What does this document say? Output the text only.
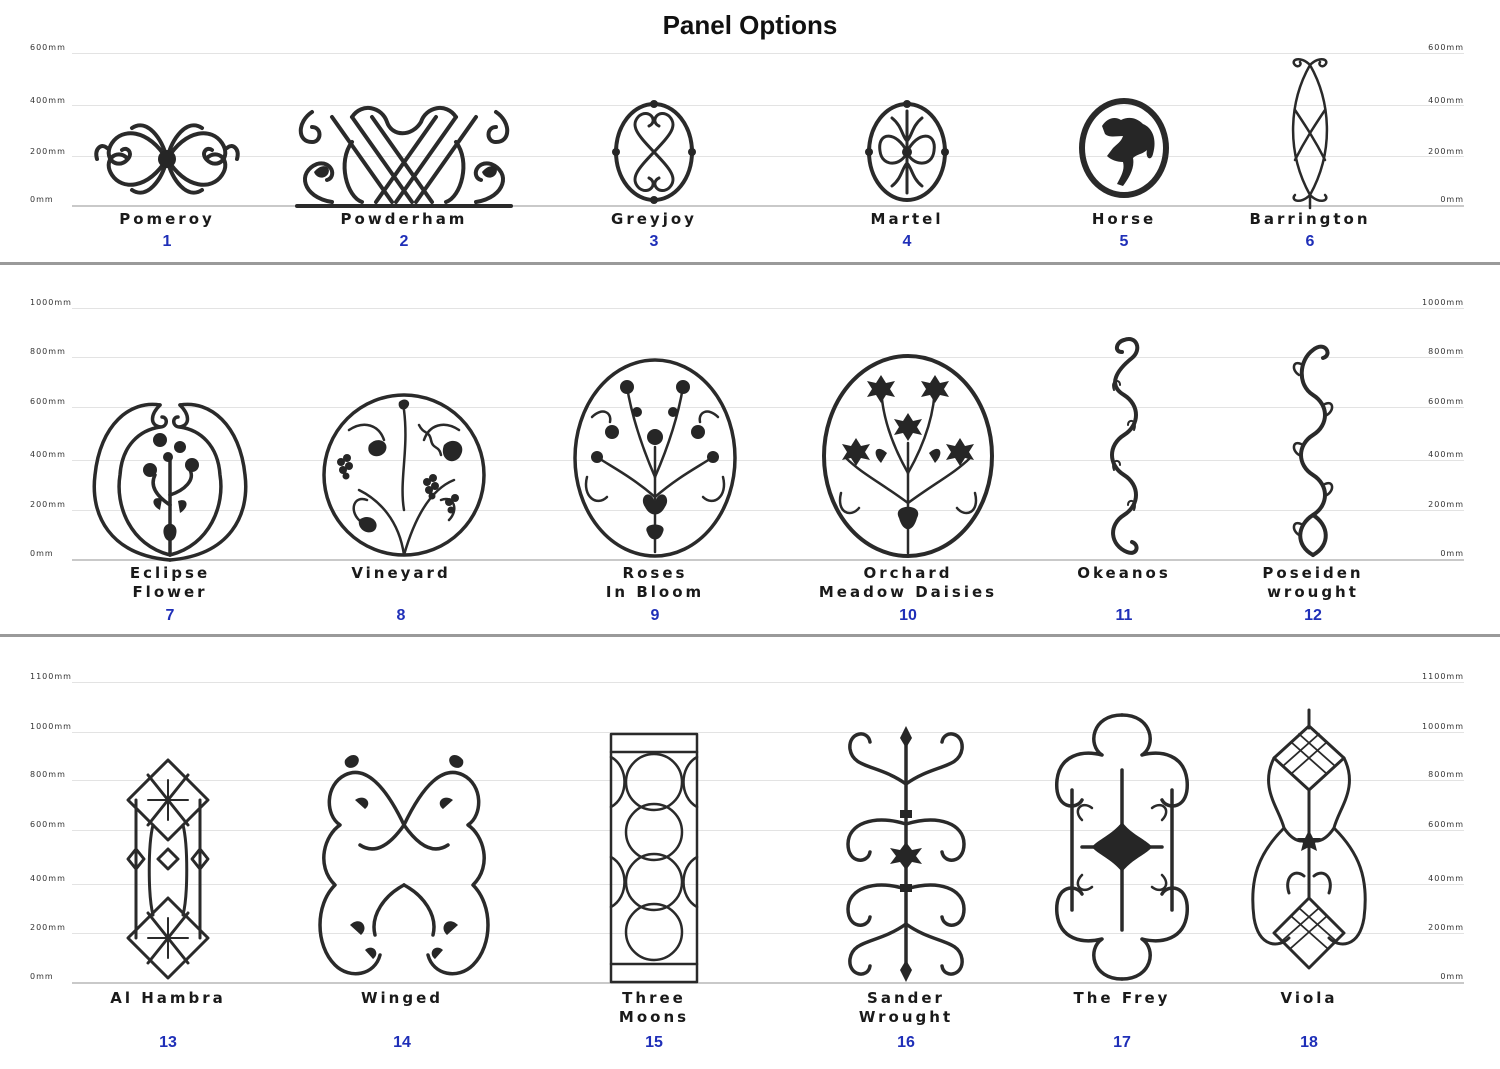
Panel Options
600mm
400mm
200mm
0mm
600mm
400mm
200mm
0mm
Pomeroy
1
Powderham
2
Greyjoy
3
Martel
4
Horse
5
Barrington
6
1000mm
800mm
600mm
400mm
200mm
0mm
1000mm
800mm
600mm
400mm
200mm
0mm
Eclipse
Flower
7
Vineyard
8
Roses
In Bloom
9
Orchard
Meadow Daisies
10
Okeanos
11
Poseiden
wrought
12
1100mm
1000mm
800mm
600mm
400mm
200mm
0mm
1100mm
1000mm
800mm
600mm
400mm
200mm
0mm
Al Hambra
13
Winged
14
Three
Moons
15
Sander
Wrought
16
The Frey
17
Viola
18
